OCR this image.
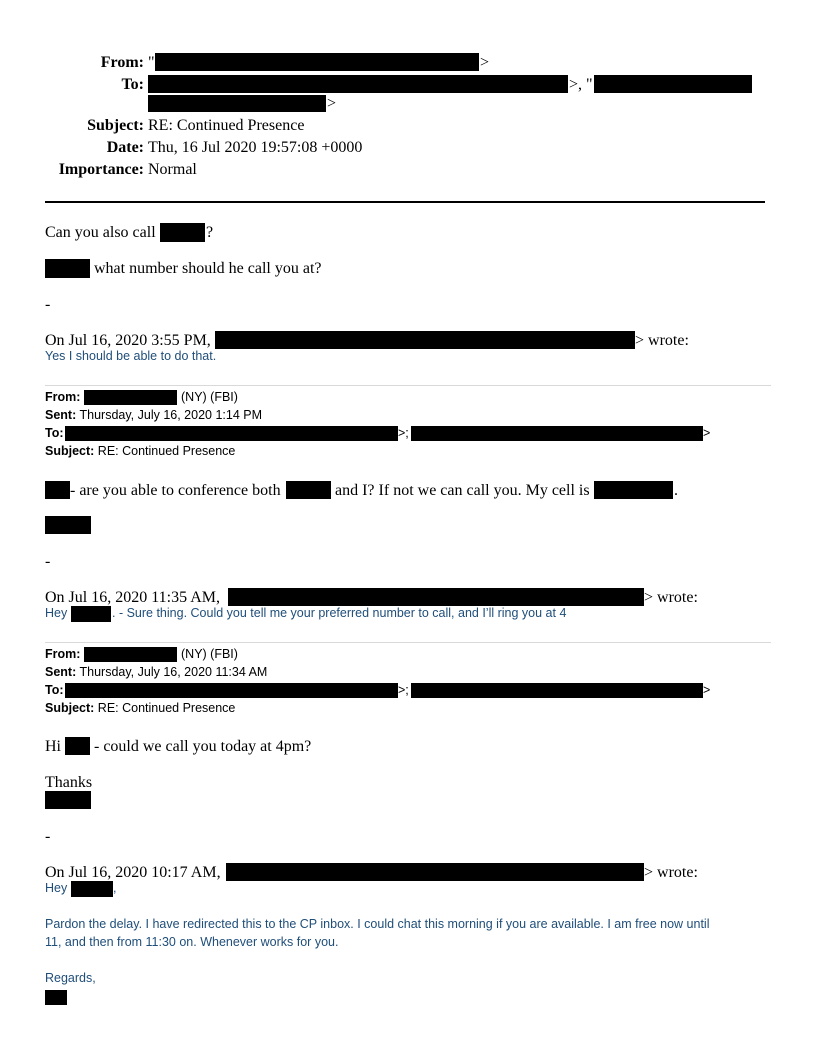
From: "	>
To:	>, "
>
Subject: RE: Continued Presence
Date: Thu, 16 Jul 2020 19:57:08 +0000
Importance: Normal
Can you also call	?
what number should he call you at?
-
On Jul 16, 2020 3:55 PM,	> wrote:
Yes I should be able to do that.
From:	(NY) (FBI)
Sent: Thursday, July 16, 2020 1:14 PM
To:	>;	>
Subject: RE: Continued Presence
- are you able to conference both	and I? If not we can call you. My cell is	.
-
On Jul 16, 2020 11:35 AM,	> wrote:
Hey	. - Sure thing. Could you tell me your preferred number to call, and I’ll ring you at 4
From:	(NY) (FBI)
Sent: Thursday, July 16, 2020 11:34 AM
To:	>;	>
Subject: RE: Continued Presence
Hi - could we call you today at 4pm?
Thanks
-
On Jul 16, 2020 10:17 AM,	> wrote:
Hey	,
Pardon the delay. I have redirected this to the CP inbox. I could chat this morning if you are available. I am free now until
11, and then from 11:30 on. Whenever works for you.
Regards,
